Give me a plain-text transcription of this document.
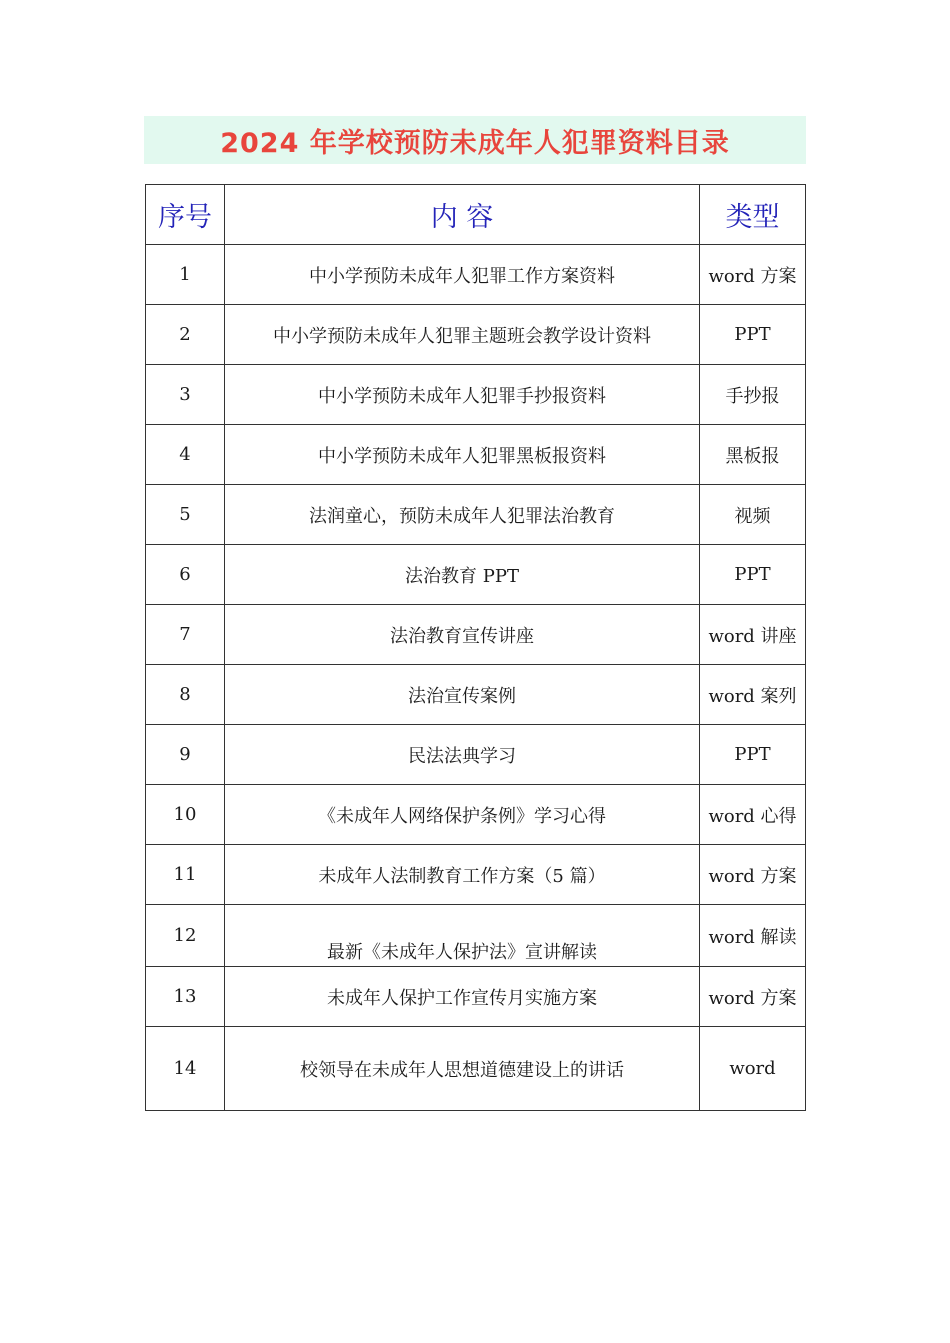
2024 年学校预防未成年人犯罪资料目录
序号	内 容	类型
1	中小学预防未成年人犯罪工作方案资料	word 方案
2	中小学预防未成年人犯罪主题班会教学设计资料	PPT
3	中小学预防未成年人犯罪手抄报资料	手抄报
4	中小学预防未成年人犯罪黑板报资料	黑板报
5	法润童心，预防未成年人犯罪法治教育	视频
6	法治教育 PPT	PPT
7	法治教育宣传讲座	word 讲座
8	法治宣传案例	word 案列
9	民法法典学习	PPT
10	《未成年人网络保护条例》学习心得	word 心得
11	未成年人法制教育工作方案（5 篇）	word 方案
12	最新《未成年人保护法》宣讲解读	word 解读
13	未成年人保护工作宣传月实施方案	word 方案
14	校领导在未成年人思想道德建设上的讲话	word
